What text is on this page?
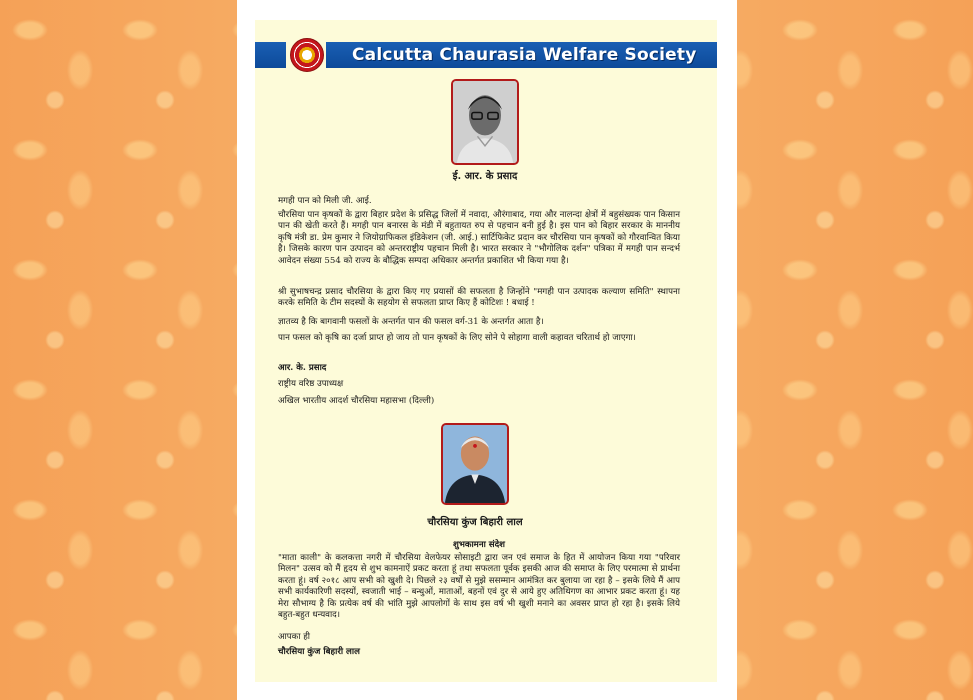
Calcutta Chaurasia Welfare Society
ई. आर. के प्रसाद
मगही पान को मिली जी. आई.
चौरसिया पान कृषकों के द्वारा बिहार प्रदेश के प्रसिद्ध जिलों में नवादा, औरंगाबाद, गया और नालन्दा क्षेत्रों में बहुसंख्यक पान किसान पान की खेती करते हैं। मगही पान बनारस के मंडी में बहुतायत रुप से पहचान बनी हुई है। इस पान को बिहार सरकार के माननीय कृषि मंत्री डा. प्रेम कुमार ने जियोग्राफिकल इंडिकेशन (जी. आई.) सार्टिफिकेट प्रदान कर चौरसिया पान कृषकों को गौरवान्वित किया है। जिसके कारण पान उत्पादन को अन्तरराष्ट्रीय पहचान मिली है। भारत सरकार ने "भौगोलिक दर्शन" पत्रिका में मगही पान सन्दर्भ आवेदन संख्या 554 को राज्य के बौद्धिक सम्पदा अधिकार अन्तर्गत प्रकाशित भी किया गया है।
श्री सुभाषचन्द्र प्रसाद चौरसिया के द्वारा किए गए प्रयासों की सफलता है जिन्होंने "मगही पान उत्पादक कल्याण समिति" स्थापना करके समिति के टीम सदस्यों के सहयोग से सफलता प्राप्त किए हैं कोटिशः ! बधाई !
ज्ञातव्य है कि बागवानी फसलों के अन्तर्गत पान की फसल वर्ग-31 के अन्तर्गत आता है।
पान फसल को कृषि का दर्जा प्राप्त हो जाय तो पान कृषकों के लिए सोने पे सोहागा वाली कहावत चरितार्थ हो जाएगा।
आर. के. प्रसाद
राष्ट्रीय वरिष्ठ उपाध्यक्ष
अखिल भारतीय आदर्श चौरसिया महासभा (दिल्ली)
चौरसिया कुंज बिहारी लाल
शुभकामना संदेश
"माता काली" के कलकत्ता नगरी में चौरसिया वेलफेयर सोसाइटी द्वारा जन एवं समाज के हित में आयोजन किया गया "परिवार मिलन" उत्सव को मैं हृदय से शुभ कामनाऐं प्रकट करता हूं तथा सफलता पूर्वक इसकी आज की समाप्त के लिए परमात्मा से प्रार्थना करता हूं। वर्ष २०१८ आप सभी को खुशी दे। पिछले २३ वर्षों से मुझे ससम्मान आमंत्रित कर बुलाया जा रहा है – इसके लिये मैं आप सभी कार्यकारिणी सदस्यों, स्वजाती भाई – बन्धुओं, माताओं, बहनों एवं दुर से आये हुए अतिथिगण का आभार प्रकट करता हूं। यह मेरा सौभाग्य है कि प्रत्येक वर्ष की भांति मुझे आपलोगों के साथ इस वर्ष भी खुशी मनाने का अवसर प्राप्त हो रहा है। इसके लिये बहुत-बहुत धन्यवाद।
आपका ही
चौरसिया कुंज बिहारी लाल
